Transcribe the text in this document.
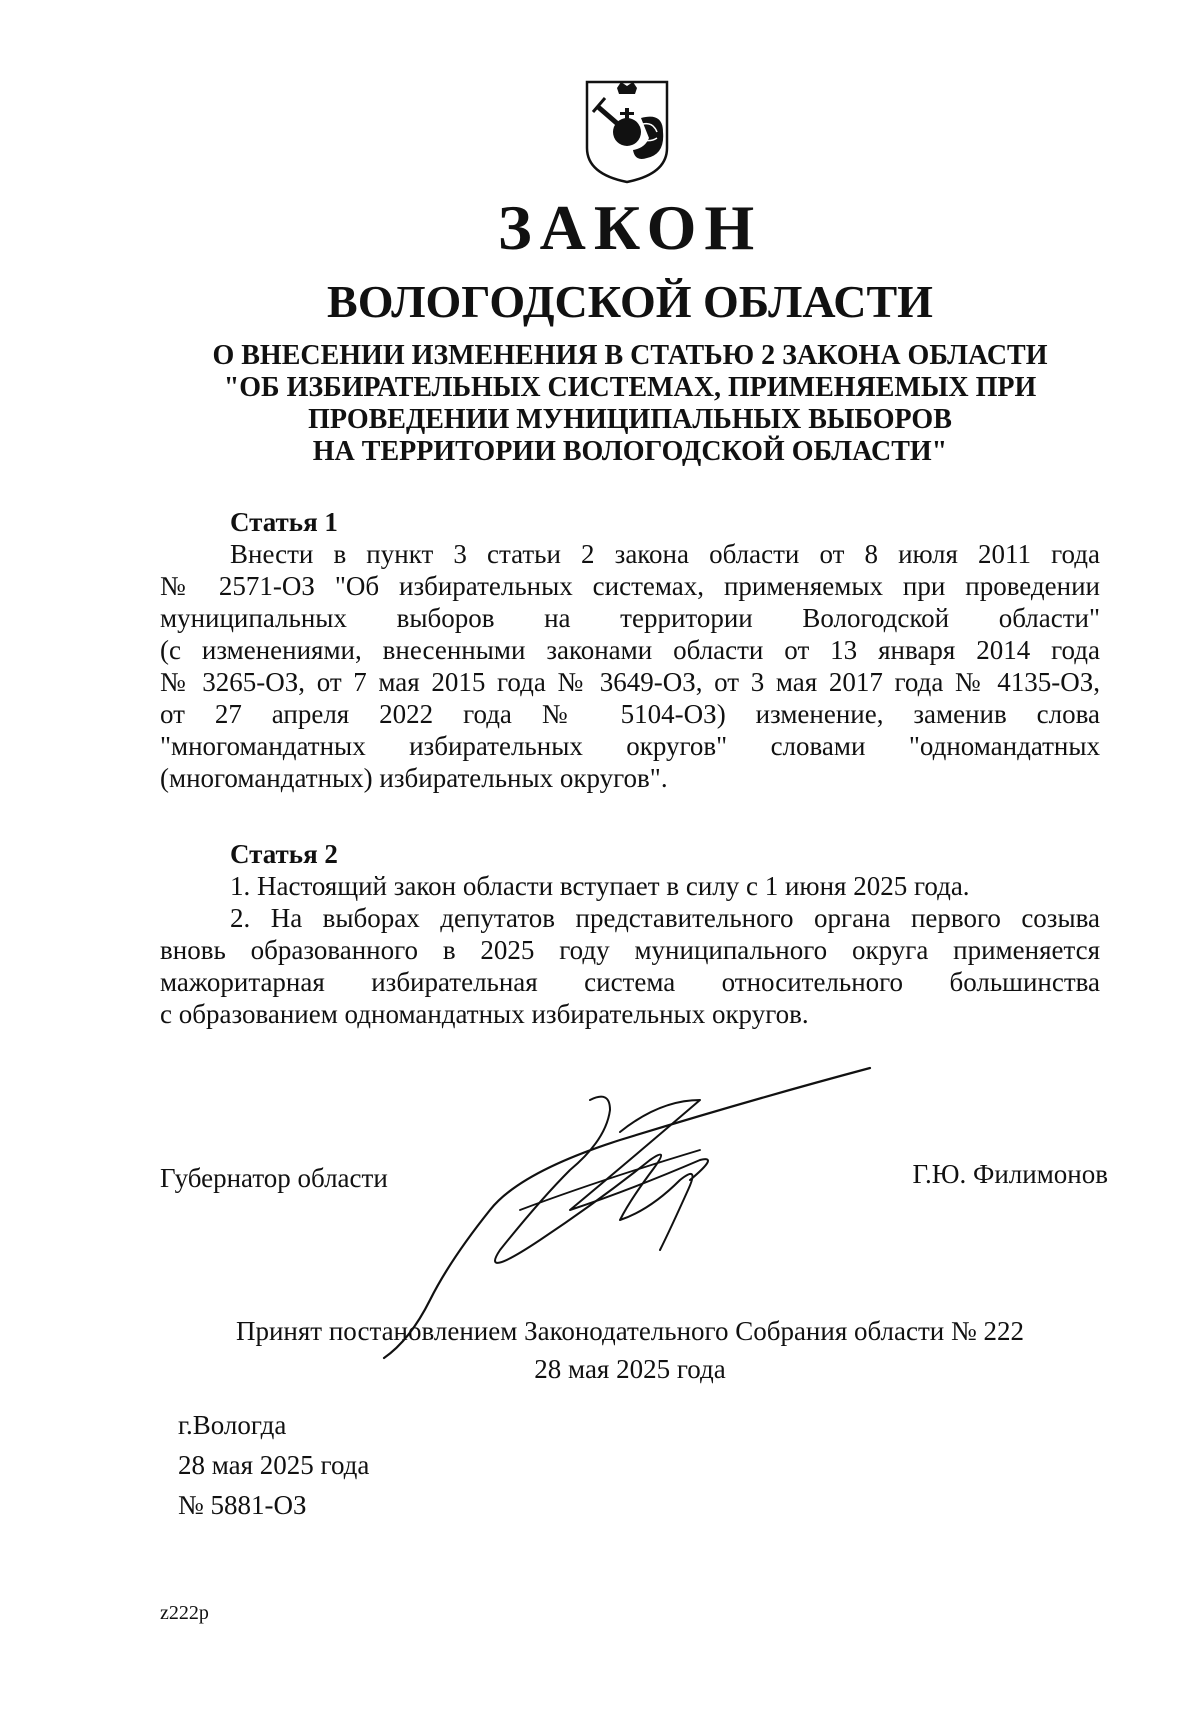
ЗАКОН
ВОЛОГОДСКОЙ ОБЛАСТИ
О ВНЕСЕНИИ ИЗМЕНЕНИЯ В СТАТЬЮ 2 ЗАКОНА ОБЛАСТИ
"ОБ ИЗБИРАТЕЛЬНЫХ СИСТЕМАХ, ПРИМЕНЯЕМЫХ ПРИ
ПРОВЕДЕНИИ МУНИЦИПАЛЬНЫХ ВЫБОРОВ
НА ТЕРРИТОРИИ ВОЛОГОДСКОЙ ОБЛАСТИ"
Статья 1
Внести в пункт 3 статьи 2 закона области от 8 июля 2011 года
№ 2571-ОЗ "Об избирательных системах, применяемых при проведении
муниципальных выборов на территории Вологодской области"
(с изменениями, внесенными законами области от 13 января 2014 года
№ 3265-ОЗ, от 7 мая 2015 года № 3649-ОЗ, от 3 мая 2017 года № 4135-ОЗ,
от 27 апреля 2022 года № 5104-ОЗ) изменение, заменив слова
"многомандатных избирательных округов" словами "одномандатных
(многомандатных) избирательных округов".
Статья 2
1. Настоящий закон области вступает в силу с 1 июня 2025 года.
2. На выборах депутатов представительного органа первого созыва
вновь образованного в 2025 году муниципального округа применяется
мажоритарная избирательная система относительного большинства
с образованием одномандатных избирательных округов.
Губернатор области	Г.Ю. Филимонов
Принят постановлением Законодательного Собрания области № 222
28 мая 2025 года
г.Вологда
28 мая 2025 года
№ 5881-ОЗ
z222p
